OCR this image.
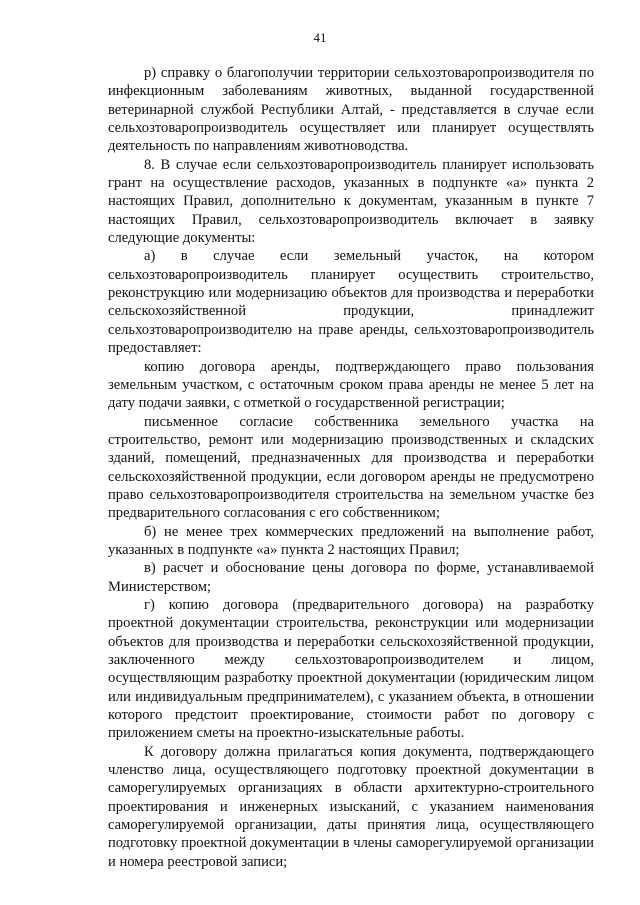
41

р) справку о благополучии территории сельхозтоваропроизводителя по инфекционным заболеваниям животных, выданной государственной ветеринарной службой Республики Алтай, - представляется в случае если сельхозтоваропроизводитель осуществляет или планирует осуществлять деятельность по направлениям животноводства.

8. В случае если сельхозтоваропроизводитель планирует использовать грант на осуществление расходов, указанных в подпункте «а» пункта 2 настоящих Правил, дополнительно к документам, указанным в пункте 7 настоящих Правил, сельхозтоваропроизводитель включает в заявку следующие документы:

а) в случае если земельный участок, на котором сельхозтоваропроизводитель планирует осуществить строительство, реконструкцию или модернизацию объектов для производства и переработки сельскохозяйственной продукции, принадлежит сельхозтоваропроизводителю на праве аренды, сельхозтоваропроизводитель предоставляет:

копию договора аренды, подтверждающего право пользования земельным участком, с остаточным сроком права аренды не менее 5 лет на дату подачи заявки, с отметкой о государственной регистрации;

письменное согласие собственника земельного участка на строительство, ремонт или модернизацию производственных и складских зданий, помещений, предназначенных для производства и переработки сельскохозяйственной продукции, если договором аренды не предусмотрено право сельхозтоваропроизводителя строительства на земельном участке без предварительного согласования с его собственником;

б) не менее трех коммерческих предложений на выполнение работ, указанных в подпункте «а» пункта 2 настоящих Правил;

в) расчет и обоснование цены договора по форме, устанавливаемой Министерством;

г) копию договора (предварительного договора) на разработку проектной документации строительства, реконструкции или модернизации объектов для производства и переработки сельскохозяйственной продукции, заключенного между сельхозтоваропроизводителем и лицом, осуществляющим разработку проектной документации (юридическим лицом или индивидуальным предпринимателем), с указанием объекта, в отношении которого предстоит проектирование, стоимости работ по договору с приложением сметы на проектно-изыскательные работы.

К договору должна прилагаться копия документа, подтверждающего членство лица, осуществляющего подготовку проектной документации в саморегулируемых организациях в области архитектурно-строительного проектирования и инженерных изысканий, с указанием наименования саморегулируемой организации, даты принятия лица, осуществляющего подготовку проектной документации в члены саморегулируемой организации и номера реестровой записи;
